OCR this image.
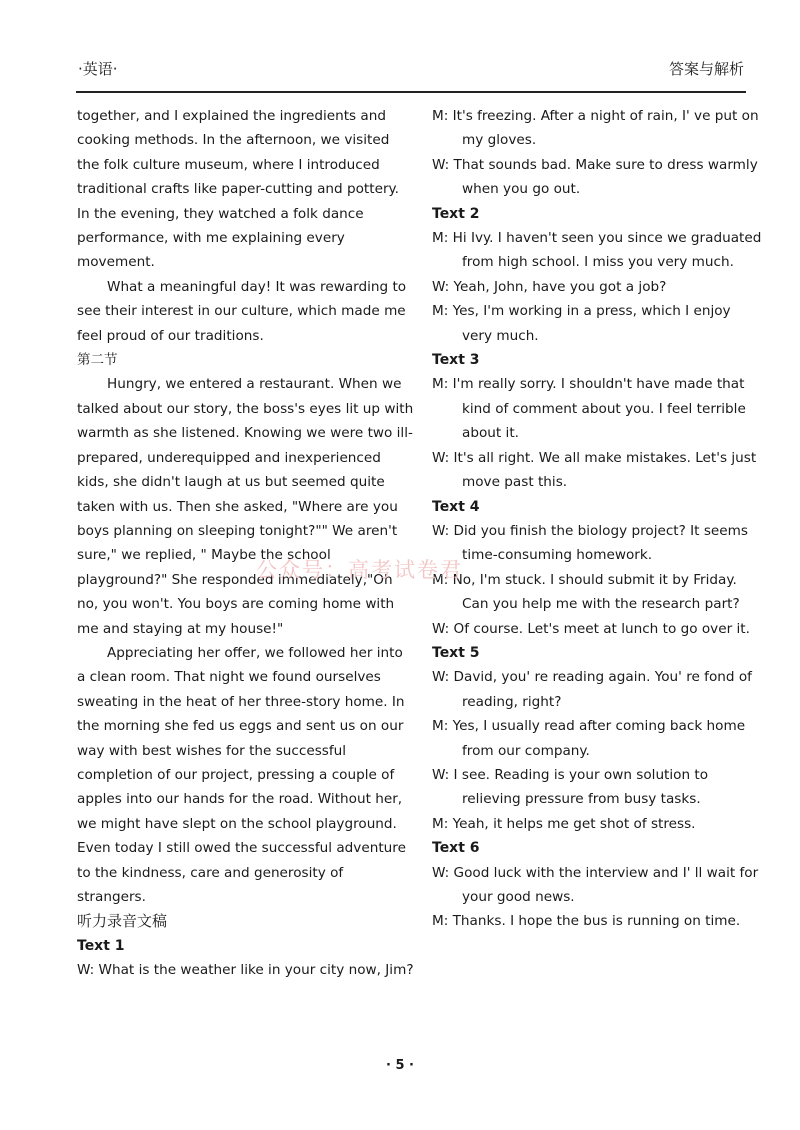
·英语·	答案与解析

together, and I explained the ingredients and cooking methods. In the afternoon, we visited the folk culture museum, where I introduced traditional crafts like paper-cutting and pottery. In the evening, they watched a folk dance performance, with me explaining every movement.

What a meaningful day! It was rewarding to see their interest in our culture, which made me feel proud of our traditions.

第二节

Hungry, we entered a restaurant. When we talked about our story, the boss's eyes lit up with warmth as she listened. Knowing we were two ill-prepared, underequipped and inexperienced kids, she didn't laugh at us but seemed quite taken with us. Then she asked, "Where are you boys planning on sleeping tonight?"" We aren't sure," we replied, " Maybe the school playground?" She responded immediately,"Oh no, you won't. You boys are coming home with me and staying at my house!"

Appreciating her offer, we followed her into a clean room. That night we found ourselves sweating in the heat of her three-story home. In the morning she fed us eggs and sent us on our way with best wishes for the successful completion of our project, pressing a couple of apples into our hands for the road. Without her, we might have slept on the school playground. Even today I still owed the successful adventure to the kindness, care and generosity of strangers.

听力录音文稿

Text 1

W: What is the weather like in your city now, Jim?

M: It's freezing. After a night of rain, I' ve put on my gloves.

W: That sounds bad. Make sure to dress warmly when you go out.

Text 2

M: Hi Ivy. I haven't seen you since we graduated from high school. I miss you very much.

W: Yeah, John, have you got a job?

M: Yes, I'm working in a press, which I enjoy very much.

Text 3

M: I'm really sorry. I shouldn't have made that kind of comment about you. I feel terrible about it.

W: It's all right. We all make mistakes. Let's just move past this.

Text 4

W: Did you finish the biology project? It seems time-consuming homework.

M: No, I'm stuck. I should submit it by Friday. Can you help me with the research part?

W: Of course. Let's meet at lunch to go over it.

Text 5

W: David, you' re reading again. You' re fond of reading, right?

M: Yes, I usually read after coming back home from our company.

W: I see. Reading is your own solution to relieving pressure from busy tasks.

M: Yeah, it helps me get shot of stress.

Text 6

W: Good luck with the interview and I' ll wait for your good news.

M: Thanks. I hope the bus is running on time.

公众号：高考试卷君
· 5 ·
